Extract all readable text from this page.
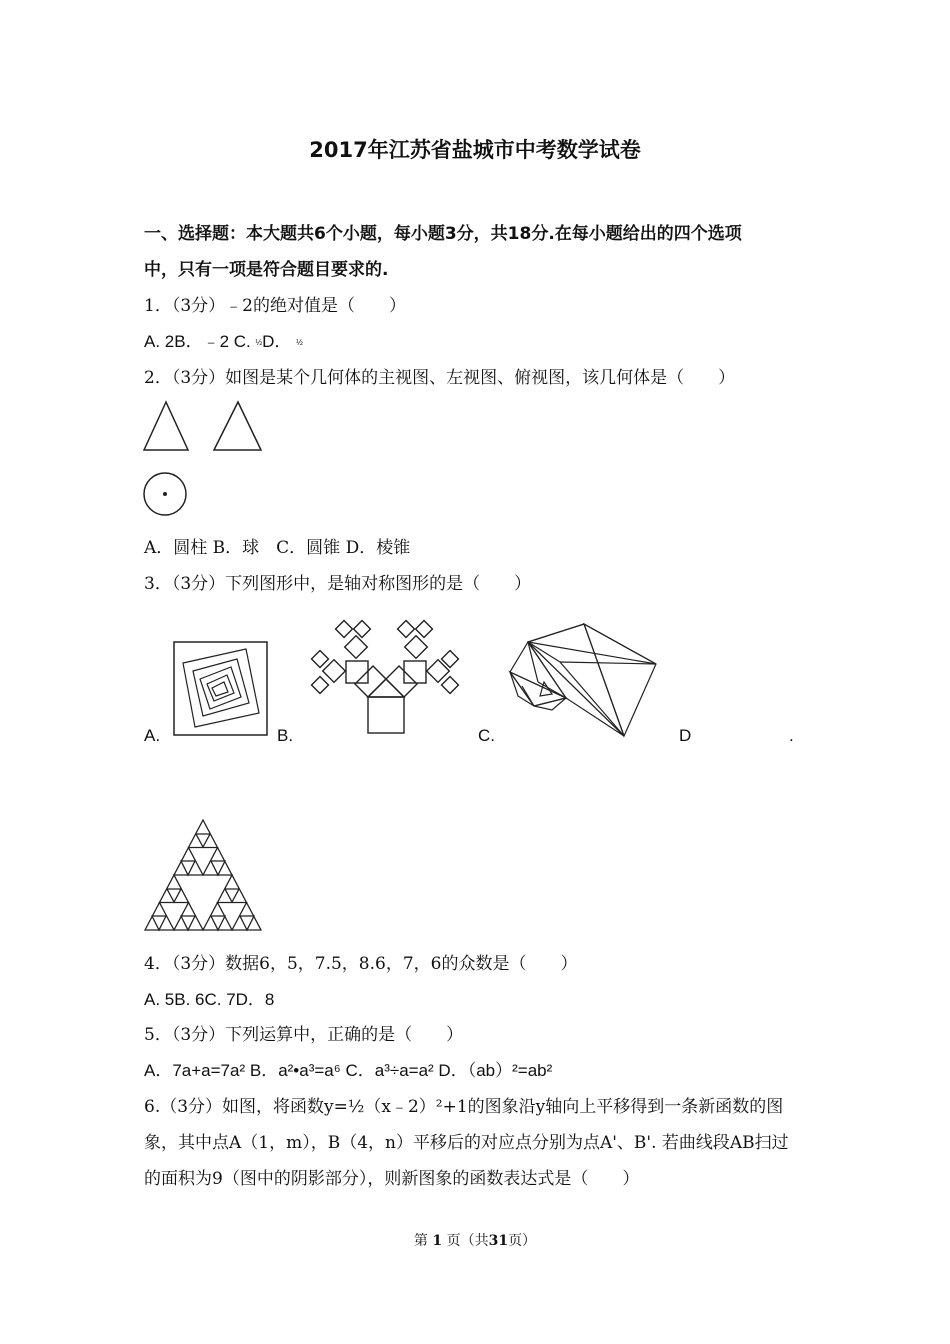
2017年江苏省盐城市中考数学试卷
一、选择题：本大题共6个小题，每小题3分，共18分.在每小题给出的四个选项
中，只有一项是符合题目要求的.
1．（3分）﹣2的绝对值是（　　）
A. 2B．﹣2 C. ½D． ½
2．（3分）如图是某个几何体的主视图、左视图、俯视图，该几何体是（　　）
A．圆柱 B．球　C．圆锥 D．棱锥
3．（3分）下列图形中，是轴对称图形的是（　　）
A.	B.	C.	D	.
4．（3分）数据6，5，7.5，8.6，7，6的众数是（　　）
A. 5B. 6C. 7D．8
5．（3分）下列运算中，正确的是（　　）
A．7a+a=7a² B．a²•a³=a⁶ C．a³÷a=a² D．（ab）²=ab²
6.（3分）如图，将函数y=½（x﹣2）²+1的图象沿y轴向上平移得到一条新函数的图
象，其中点A（1，m），B（4，n）平移后的对应点分别为点A'、B'. 若曲线段AB扫过
的面积为9（图中的阴影部分），则新图象的函数表达式是（　　）
第 1 页（共31页）
